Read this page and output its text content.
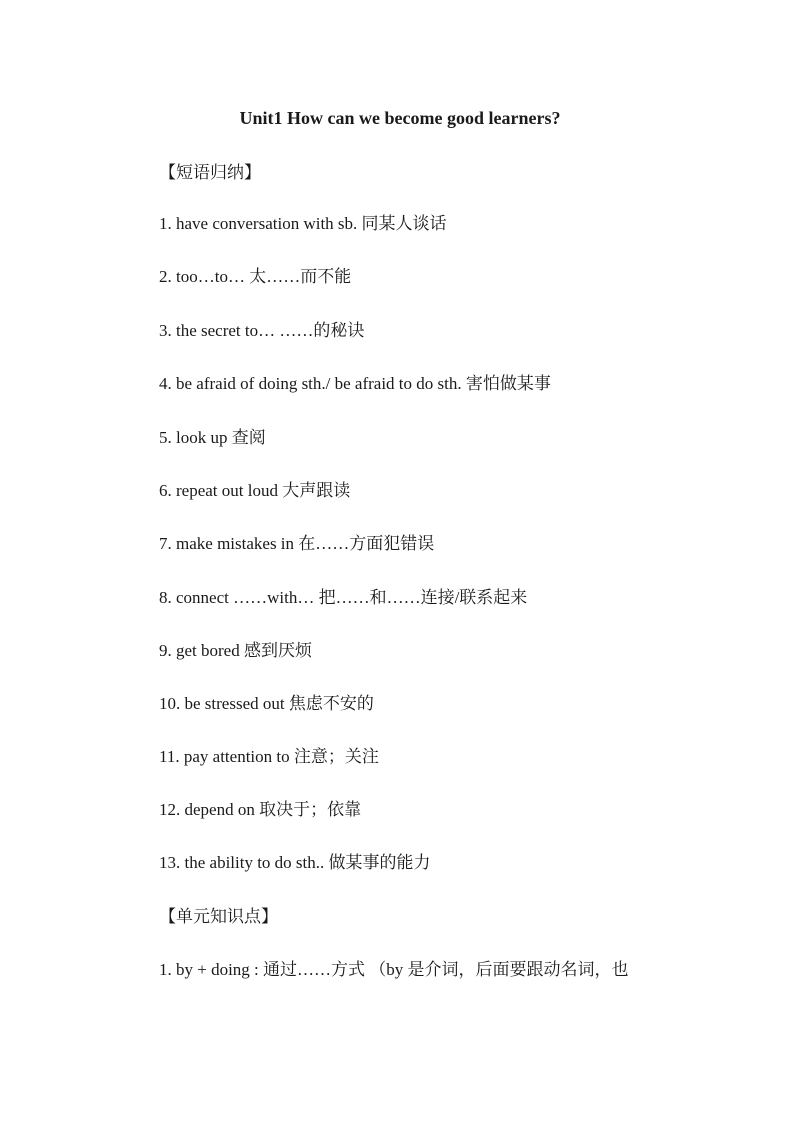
Unit1 How can we become good learners?
【短语归纳】
1. have conversation with sb. 同某人谈话
2. too…to… 太……而不能
3. the secret to… ……的秘诀
4. be afraid of doing sth./ be afraid to do sth. 害怕做某事
5. look up 查阅
6. repeat out loud 大声跟读
7. make mistakes in 在……方面犯错误
8. connect ……with… 把……和……连接/联系起来
9. get bored 感到厌烦
10. be stressed out 焦虑不安的
11. pay attention to 注意；关注
12. depend on 取决于；依靠
13. the ability to do sth.. 做某事的能力
【单元知识点】
1. by + doing : 通过……方式 （by 是介词，后面要跟动名词，也
